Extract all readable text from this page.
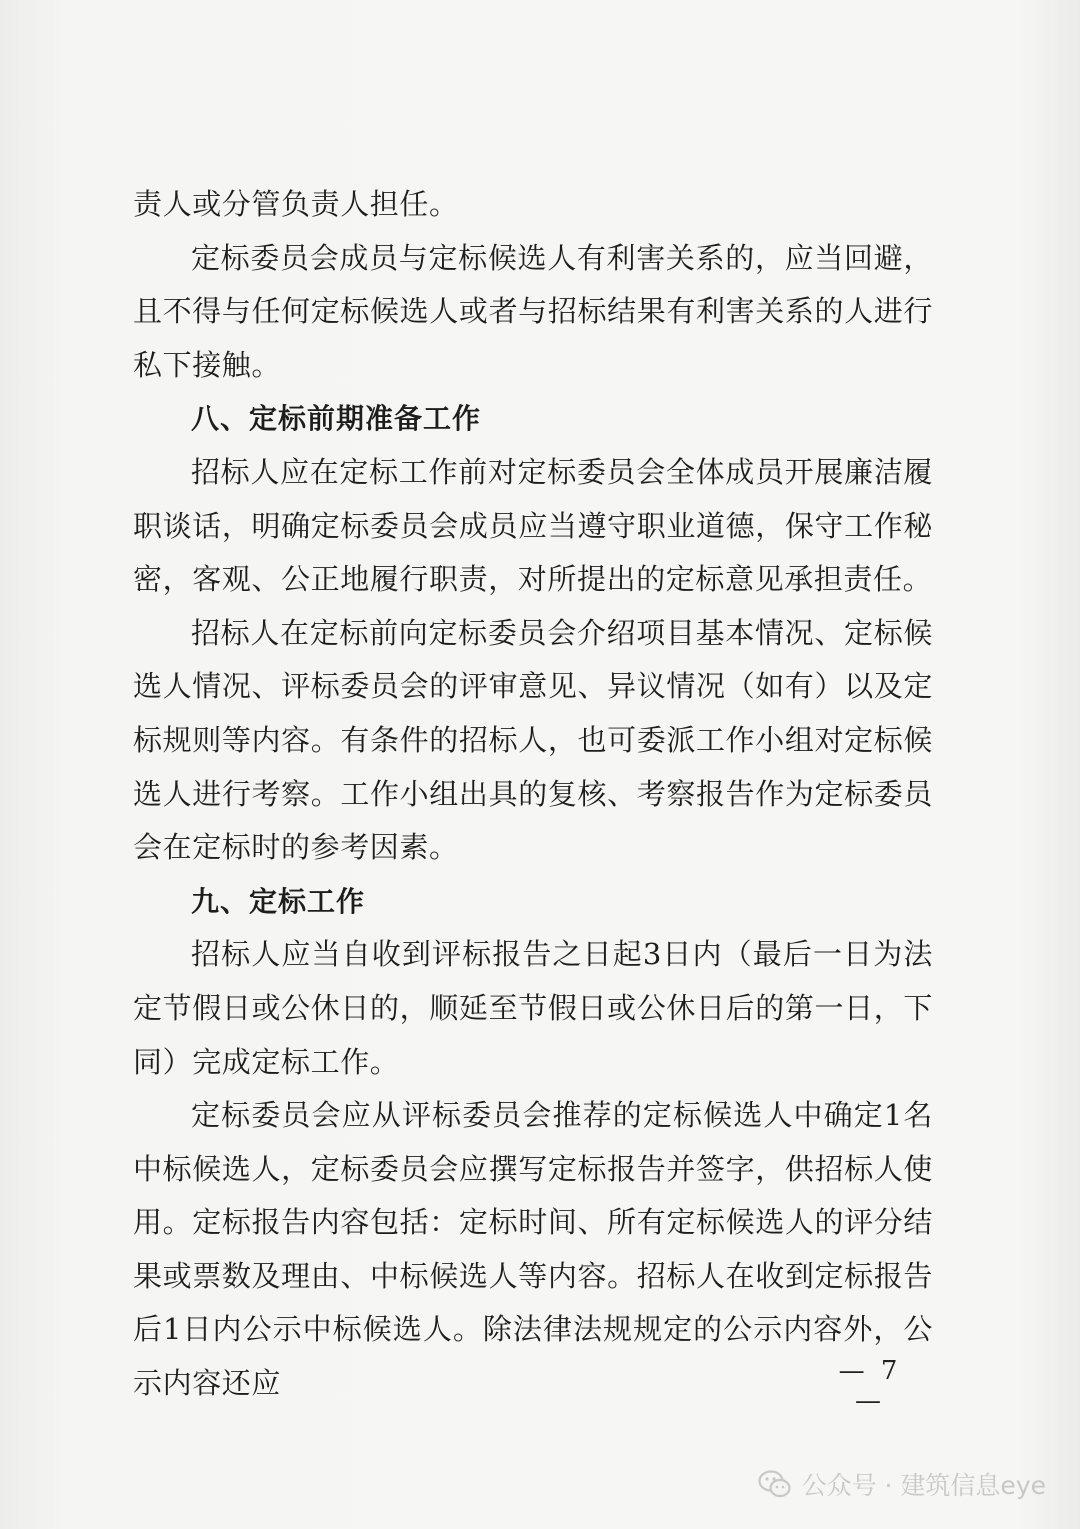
责人或分管负责人担任。

定标委员会成员与定标候选人有利害关系的，应当回避，且不得与任何定标候选人或者与招标结果有利害关系的人进行私下接触。

八、定标前期准备工作

招标人应在定标工作前对定标委员会全体成员开展廉洁履职谈话，明确定标委员会成员应当遵守职业道德，保守工作秘密，客观、公正地履行职责，对所提出的定标意见承担责任。

招标人在定标前向定标委员会介绍项目基本情况、定标候选人情况、评标委员会的评审意见、异议情况（如有）以及定标规则等内容。有条件的招标人，也可委派工作小组对定标候选人进行考察。工作小组出具的复核、考察报告作为定标委员会在定标时的参考因素。

九、定标工作

招标人应当自收到评标报告之日起3日内（最后一日为法定节假日或公休日的，顺延至节假日或公休日后的第一日，下同）完成定标工作。

定标委员会应从评标委员会推荐的定标候选人中确定1名中标候选人，定标委员会应撰写定标报告并签字，供招标人使用。定标报告内容包括：定标时间、所有定标候选人的评分结果或票数及理由、中标候选人等内容。招标人在收到定标报告后1日内公示中标候选人。除法律法规规定的公示内容外，公示内容还应	— 7 —
公众号 · 建筑信息eye
